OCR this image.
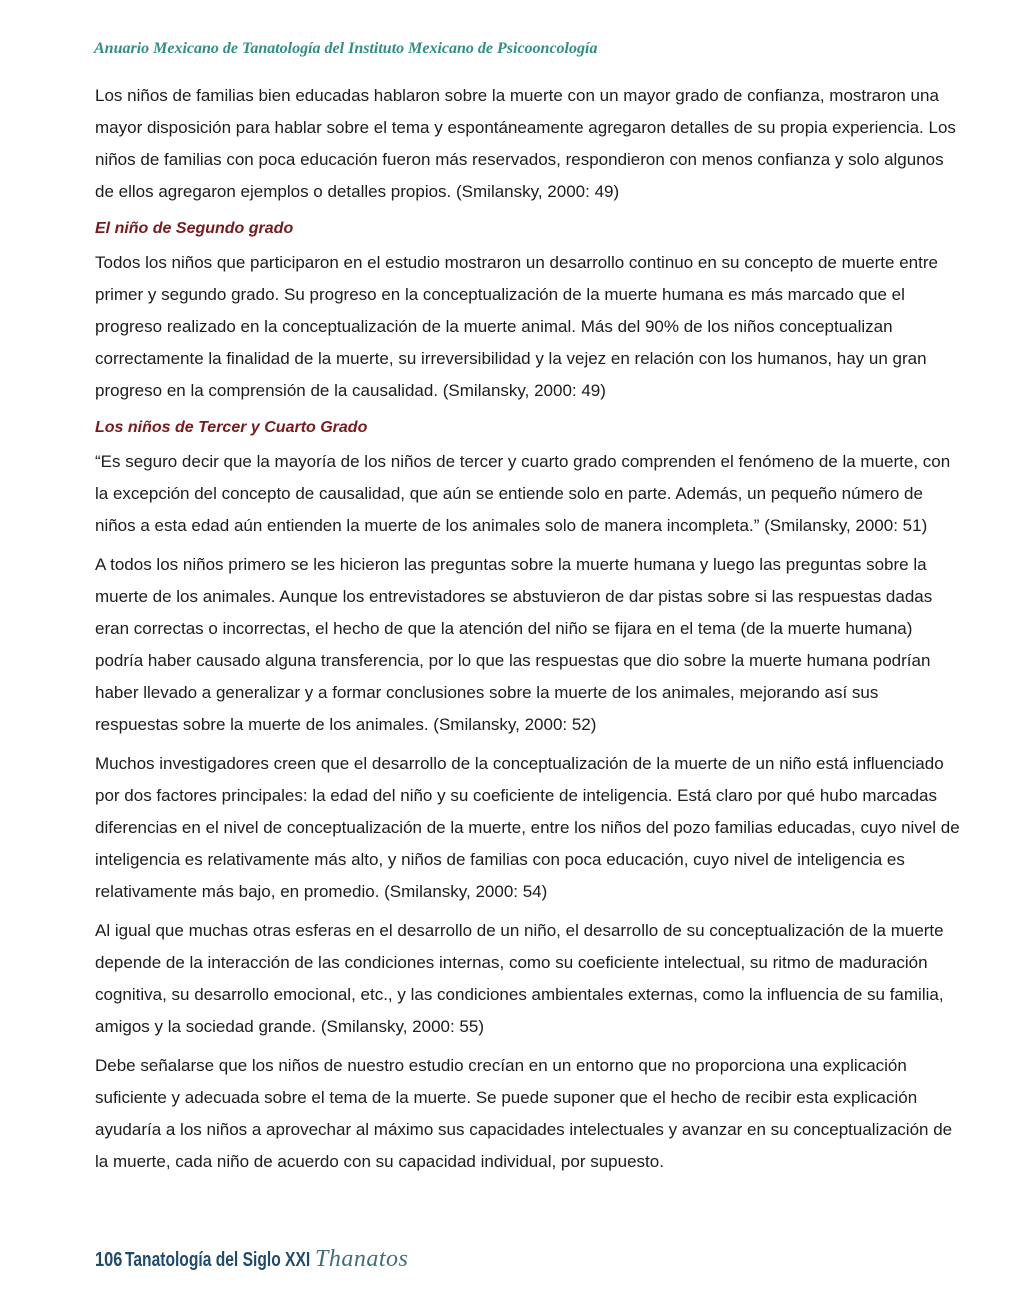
Anuario Mexicano de Tanatología del Instituto Mexicano de Psicooncología

Los niños de familias bien educadas hablaron sobre la muerte con un mayor grado de confianza, mostraron una mayor disposición para hablar sobre el tema y espontáneamente agregaron detalles de su propia experiencia. Los niños de familias con poca educación fueron más reservados, respondieron con menos confianza y solo algunos de ellos agregaron ejemplos o detalles propios. (Smilansky, 2000: 49)

El niño de Segundo grado

Todos los niños que participaron en el estudio mostraron un desarrollo continuo en su concepto de muerte entre primer y segundo grado. Su progreso en la conceptualización de la muerte humana es más marcado que el progreso realizado en la conceptualización de la muerte animal. Más del 90% de los niños conceptualizan correctamente la finalidad de la muerte, su irreversibilidad y la vejez en relación con los humanos, hay un gran progreso en la comprensión de la causalidad. (Smilansky, 2000: 49)

Los niños de Tercer y Cuarto Grado

“Es seguro decir que la mayoría de los niños de tercer y cuarto grado comprenden el fenómeno de la muerte, con la excepción del concepto de causalidad, que aún se entiende solo en parte. Además, un pequeño número de niños a esta edad aún entienden la muerte de los animales solo de manera incompleta.” (Smilansky, 2000: 51)

A todos los niños primero se les hicieron las preguntas sobre la muerte humana y luego las preguntas sobre la muerte de los animales. Aunque los entrevistadores se abstuvieron de dar pistas sobre si las respuestas dadas eran correctas o incorrectas, el hecho de que la atención del niño se fijara en el tema (de la muerte humana) podría haber causado alguna transferencia, por lo que las respuestas que dio sobre la muerte humana podrían haber llevado a generalizar y a formar conclusiones sobre la muerte de los animales, mejorando así sus respuestas sobre la muerte de los animales. (Smilansky, 2000: 52)

Muchos investigadores creen que el desarrollo de la conceptualización de la muerte de un niño está influenciado por dos factores principales: la edad del niño y su coeficiente de inteligencia. Está claro por qué hubo marcadas diferencias en el nivel de conceptualización de la muerte, entre los niños del pozo familias educadas, cuyo nivel de inteligencia es relativamente más alto, y niños de familias con poca educación, cuyo nivel de inteligencia es relativamente más bajo, en promedio. (Smilansky, 2000: 54)

Al igual que muchas otras esferas en el desarrollo de un niño, el desarrollo de su conceptualización de la muerte depende de la interacción de las condiciones internas, como su coeficiente intelectual, su ritmo de maduración cognitiva, su desarrollo emocional, etc., y las condiciones ambientales externas, como la influencia de su familia, amigos y la sociedad grande. (Smilansky, 2000: 55)

Debe señalarse que los niños de nuestro estudio crecían en un entorno que no proporciona una explicación suficiente y adecuada sobre el tema de la muerte. Se puede suponer que el hecho de recibir esta explicación ayudaría a los niños a aprovechar al máximo sus capacidades intelectuales y avanzar en su conceptualización de la muerte, cada niño de acuerdo con su capacidad individual, por supuesto.

106 Tanatología del Siglo XXI Thanatos
